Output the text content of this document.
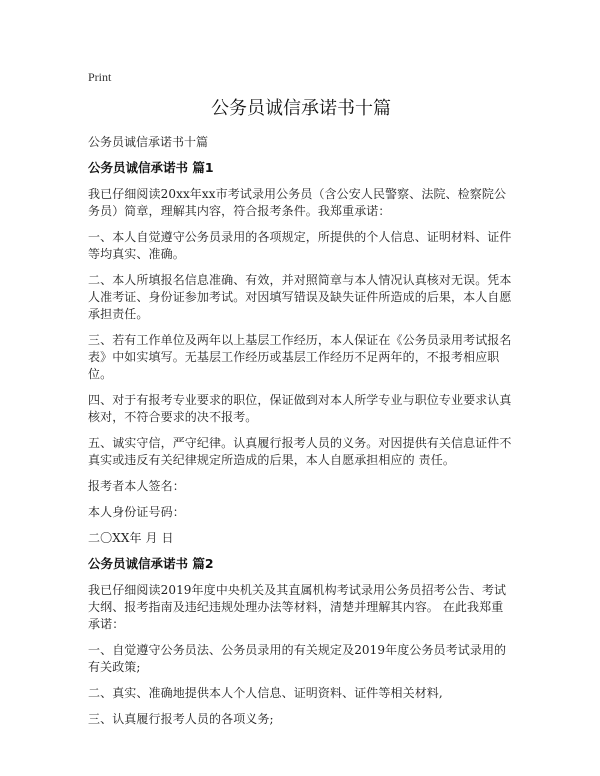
Print
公务员诚信承诺书十篇

公务员诚信承诺书十篇

公务员诚信承诺书 篇1

我已仔细阅读20xx年xx市考试录用公务员（含公安人民警察、法院、检察院公务员）简章，理解其内容，符合报考条件。我郑重承诺：

一、本人自觉遵守公务员录用的各项规定，所提供的个人信息、证明材料、证件等均真实、准确。

二、本人所填报名信息准确、有效，并对照简章与本人情况认真核对无误。凭本人准考证、身份证参加考试。对因填写错误及缺失证件所造成的后果，本人自愿承担责任。

三、若有工作单位及两年以上基层工作经历，本人保证在《公务员录用考试报名表》中如实填写。无基层工作经历或基层工作经历不足两年的，不报考相应职位。

四、对于有报考专业要求的职位，保证做到对本人所学专业与职位专业要求认真核对，不符合要求的决不报考。

五、诚实守信，严守纪律。认真履行报考人员的义务。对因提供有关信息证件不真实或违反有关纪律规定所造成的后果，本人自愿承担相应的 责任。

报考者本人签名：

本人身份证号码：

二〇XX年 月 日

公务员诚信承诺书 篇2

我已仔细阅读2019年度中央机关及其直属机构考试录用公务员招考公告、考试大纲、报考指南及违纪违规处理办法等材料，清楚并理解其内容。 在此我郑重承诺：

一、自觉遵守公务员法、公务员录用的有关规定及2019年度公务员考试录用的有关政策;

二、真实、准确地提供本人个人信息、证明资料、证件等相关材料,

三、认真履行报考人员的各项义务;
